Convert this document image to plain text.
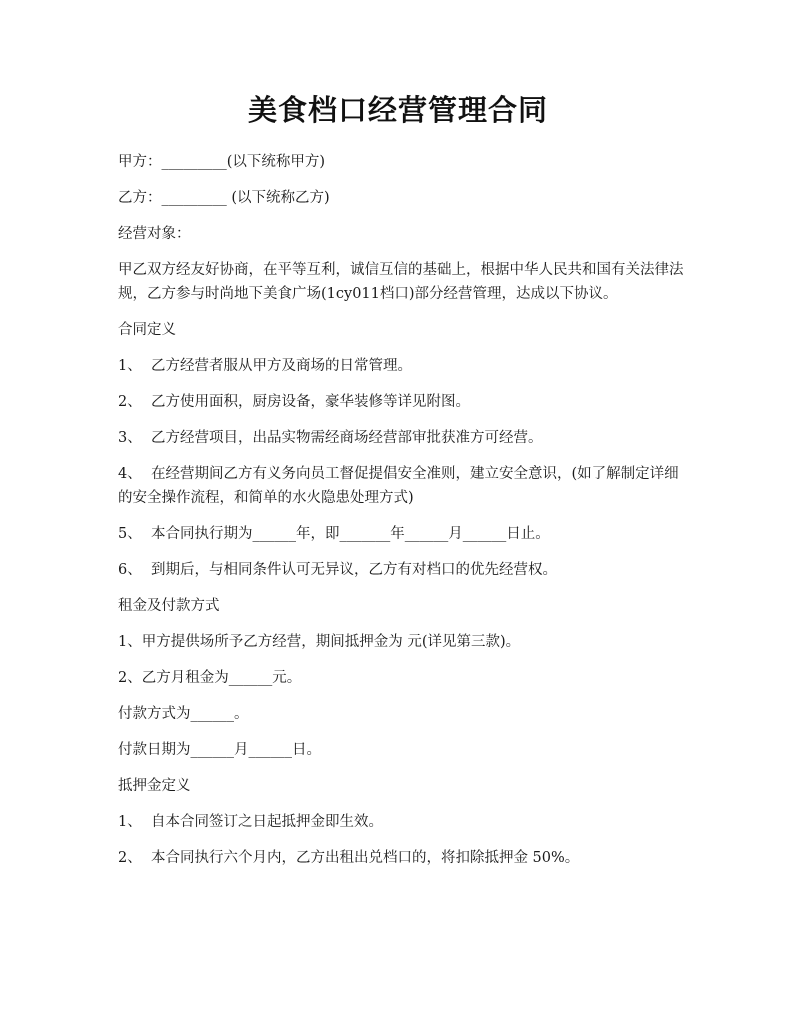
美食档口经营管理合同

甲方：_________(以下统称甲方)

乙方：_________ (以下统称乙方)

经营对象：

甲乙双方经友好协商，在平等互利，诚信互信的基础上，根据中华人民共和国有关法律法规，乙方参与时尚地下美食广场(1cy011档口)部分经营管理，达成以下协议。

合同定义

1、  乙方经营者服从甲方及商场的日常管理。

2、  乙方使用面积，厨房设备，豪华装修等详见附图。

3、  乙方经营项目，出品实物需经商场经营部审批获准方可经营。

4、  在经营期间乙方有义务向员工督促提倡安全准则，建立安全意识，(如了解制定详细的安全操作流程，和简单的水火隐患处理方式)

5、  本合同执行期为______年，即_______年______月______日止。

6、  到期后，与相同条件认可无异议，乙方有对档口的优先经营权。

租金及付款方式

1、甲方提供场所予乙方经营，期间抵押金为 元(详见第三款)。

2、乙方月租金为______元。

付款方式为______。

付款日期为______月______日。

抵押金定义

1、  自本合同签订之日起抵押金即生效。

2、  本合同执行六个月内，乙方出租出兑档口的，将扣除抵押金 50%。
